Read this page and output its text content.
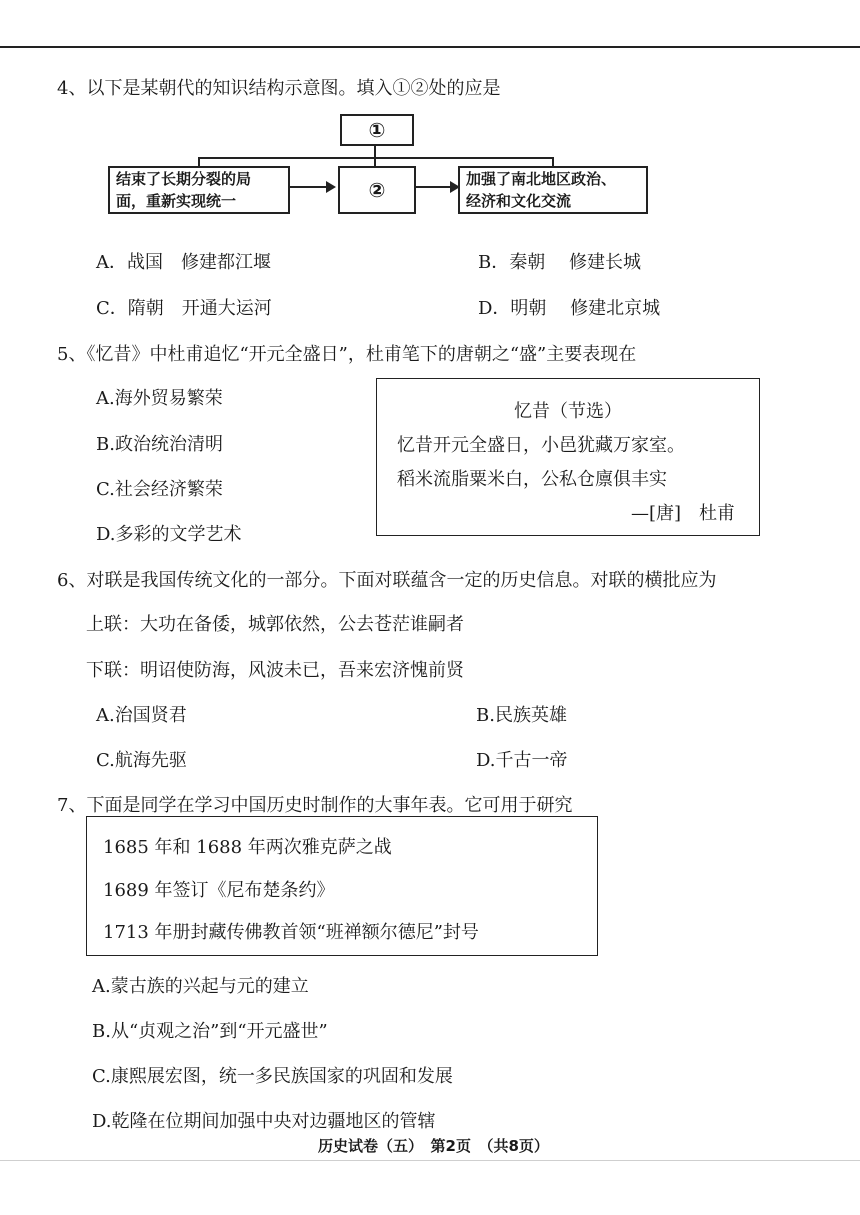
4、以下是某朝代的知识结构示意图。填入①②处的应是
①
结束了长期分裂的局
面，重新实现统一	②	加强了南北地区政治、
经济和文化交流
A．战国　修建都江堰	B．秦朝　 修建长城
C．隋朝　开通大运河	D．明朝　 修建北京城
5、《忆昔》中杜甫追忆“开元全盛日”，杜甫笔下的唐朝之“盛”主要表现在
A.海外贸易繁荣
B.政治统治清明
C.社会经济繁荣
D.多彩的文学艺术
忆昔（节选）
忆昔开元全盛日，小邑犹藏万家室。
稻米流脂粟米白，公私仓廪俱丰实
—[唐]　杜甫
6、对联是我国传统文化的一部分。下面对联蕴含一定的历史信息。对联的横批应为
上联：大功在备倭，城郭依然，公去苍茫谁嗣者
下联：明诏使防海，风波未已，吾来宏济愧前贤
A.治国贤君	B.民族英雄
C.航海先驱	D.千古一帝
7、下面是同学在学习中国历史时制作的大事年表。它可用于研究
1685 年和 1688 年两次雅克萨之战
1689 年签订《尼布楚条约》
1713 年册封藏传佛教首领“班禅额尔德尼”封号
A.蒙古族的兴起与元的建立
B.从“贞观之治”到“开元盛世”
C.康熙展宏图，统一多民族国家的巩固和发展
D.乾隆在位期间加强中央对边疆地区的管辖
历史试卷（五）　第2页　（共8页）
